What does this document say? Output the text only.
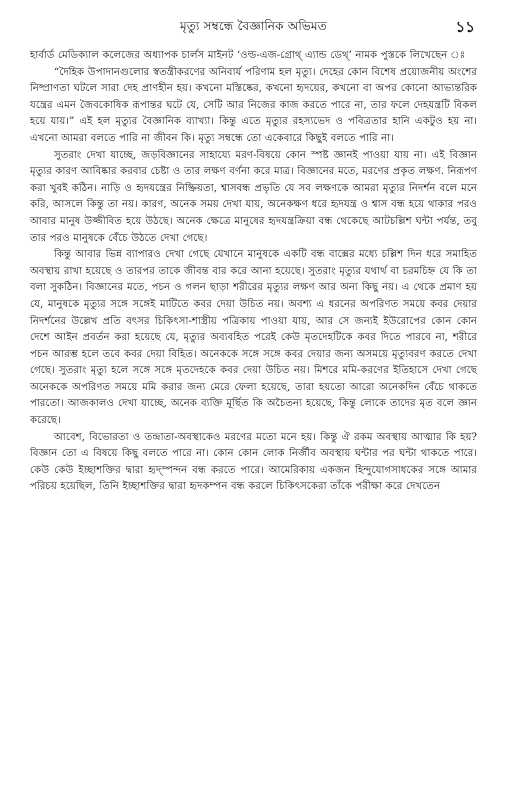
মৃত্যু সম্বন্ধে বৈজ্ঞানিক অভিমত	১১

হার্বার্ড মেডিক্যাল কলেজের অধ্যাপক চার্লস মাইনট ‘ওল্ড-এজ-গ্রোথ্ এ্যান্ড ডেথ্’ নামক পুস্তকে লিখেছেন ঃ

“দৈহিক উপাদানগুলোর স্বতন্ত্রীকরণের অনিবার্য পরিণাম হল মৃত্যু। দেহের কোন বিশেষ প্রয়োজনীয় অংশের নিষ্প্রাণতা ঘটলে সারা দেহ প্রাণহীন হয়। কখনো মস্তিষ্কের, কখনো হৃদয়ের, কখনো বা অপর কোনো আভ্যন্তরিক যন্ত্রের এমন জৈবকোষিক রূপান্তর ঘটে যে, সেটি আর নিজের কাজ করতে পারে না, তার ফলে দেহযন্ত্রটি বিকল হয়ে যায়।” এই হল মৃত্যুর বৈজ্ঞানিক ব্যাখ্যা। কিন্তু এতে মৃত্যুর রহস্যভেদ ও পবিত্রতার হানি একটুও হয় না। এখনো আমরা বলতে পারি না জীবন কি। মৃত্যু সম্বন্ধে তো একেবারে কিছুই বলতে পারি না।

সুতরাং দেখা যাচ্ছে, জড়বিজ্ঞানের সাহায্যে মরণ-বিষয়ে কোন স্পষ্ট জ্ঞানই পাওয়া যায় না। এই বিজ্ঞান মৃত্যুর কারণ আবিষ্কার করবার চেষ্টা ও তার লক্ষণ বর্ণনা করে মাত্র। বিজ্ঞানের মতে, মরণের প্রকৃত লক্ষণ. নিরূপণ করা খুবই কঠিন। নাড়ি ও হৃদযন্ত্রের নিষ্ক্রিয়তা, শ্বাসবন্ধ প্রভৃতি যে সব লক্ষণকে আমরা মৃত্যুর নিদর্শন বলে মনে করি, আসলে কিন্তু তা নয়। কারণ, অনেক সময় দেখা যায়, অনেকক্ষণ ধরে হৃদযন্ত্র ও শ্বাস বন্ধ হয়ে থাকার পরও আবার মানুষ উজ্জীবিত হয়ে উঠছে। অনেক ক্ষেত্রে মানুষের হৃদযন্ত্রক্রিয়া বন্ধ থেকেছে আটচল্লিশ ঘন্টা পর্যন্ত, তবু তার পরও মানুষকে বেঁচে উঠতে দেখা গেছে।

কিন্তু আবার ভিন্ন ব্যাপারও দেখা গেছে যেখানে মানুষকে একটি বন্ধ বাক্সের মধ্যে চল্লিশ দিন ধরে সমাহিত অবস্থায় রাখা হয়েছে ও তারপর তাকে জীবন্ত বার করে আনা হয়েছে। সুতরাং মৃত্যুর যথার্থ বা চরমচিহ্ন যে কি তা বলা সুকঠিন। বিজ্ঞানের মতে, পচন ও গলন ছাড়া শরীরের মৃত্যুর লক্ষণ আর অন্য কিছু নয়। এ থেকে প্রমাণ হয় যে, মানুষকে মৃত্যুর সঙ্গে সঙ্গেই মাটিতে কবর দেয়া উচিত নয়। অবশ্য এ ধরনের অপরিণত সময়ে কবর দেয়ার নিদর্শনের উল্লেখ প্রতি বৎসর চিকিৎসা-শাস্ত্রীয় পত্রিকায় পাওয়া যায়, আর সে জন্যই ইউরোপের কোন কোন দেশে আইন প্রবর্তন করা হয়েছে যে, মৃত্যুর অব্যবহিত পরেই কেউ মৃতদেহটিকে কবর দিতে পারবে না, শরীরে পচন আরম্ভ হলে তবে কবর দেয়া বিহিত। অনেককে সঙ্গে সঙ্গে কবর দেয়ার জন্য অসময়ে মৃত্যুবরণ করতে দেখা গেছে। সুতরাং মৃত্যু হলে সঙ্গে সঙ্গে মৃতদেহকে কবর দেয়া উচিত নয়। মিশরে মমি-করণের ইতিহাসে দেখা গেছে অনেককে অপরিণত সময়ে মমি করার জন্য মেরে ফেলা হয়েছে, তারা হয়তো আরো অনেকদিন বেঁচে থাকতে পারতো। আজকালও দেখা যাচ্ছে, অনেক ব্যক্তি মূর্ছিত কি অচৈতন্য হয়েছে, কিন্তু লোকে তাদের মৃত বলে জ্ঞান করেছে।

আবেশ, বিভোরতা ও তন্দ্রাতা-অবস্থাকেও মরণের মতো মনে হয়। কিন্তু ঐ রকম অবস্থায় আত্মার কি হয়? বিজ্ঞান তো এ বিষয়ে কিছু বলতে পারে না। কোন কোন লোক নির্জীব অবস্থায় ঘন্টার পর ঘন্টা থাকতে পারে। কেউ কেউ ইচ্ছাশক্তির দ্বারা হৃদ্স্পন্দন বন্ধ করতে পারে। আমেরিকায় একজন হিন্দুযোগসাধকের সঙ্গে আমার পরিচয় হয়েছিল, তিনি ইচ্ছাশক্তির দ্বারা হৃদকম্পন বন্ধ করলে চিকিৎসকেরা তাঁকে পরীক্ষা করে দেখতেন
